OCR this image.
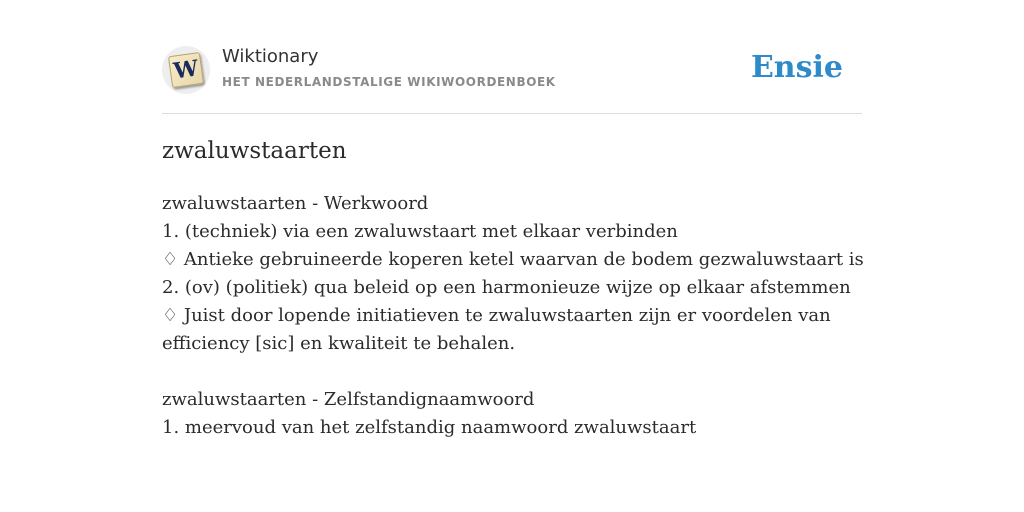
W Wiktionary
HET NEDERLANDSTALIGE WIKIWOORDENBOEK	Ensie
zwaluwstaarten
zwaluwstaarten - Werkwoord
1. (techniek) via een zwaluwstaart met elkaar verbinden
♢ Antieke gebruineerde koperen ketel waarvan de bodem gezwaluwstaart is
2. (ov) (politiek) qua beleid op een harmonieuze wijze op elkaar afstemmen
♢ Juist door lopende initiatieven te zwaluwstaarten zijn er voordelen van efficiency [sic] en kwaliteit te behalen.
zwaluwstaarten - Zelfstandignaamwoord
1. meervoud van het zelfstandig naamwoord zwaluwstaart
